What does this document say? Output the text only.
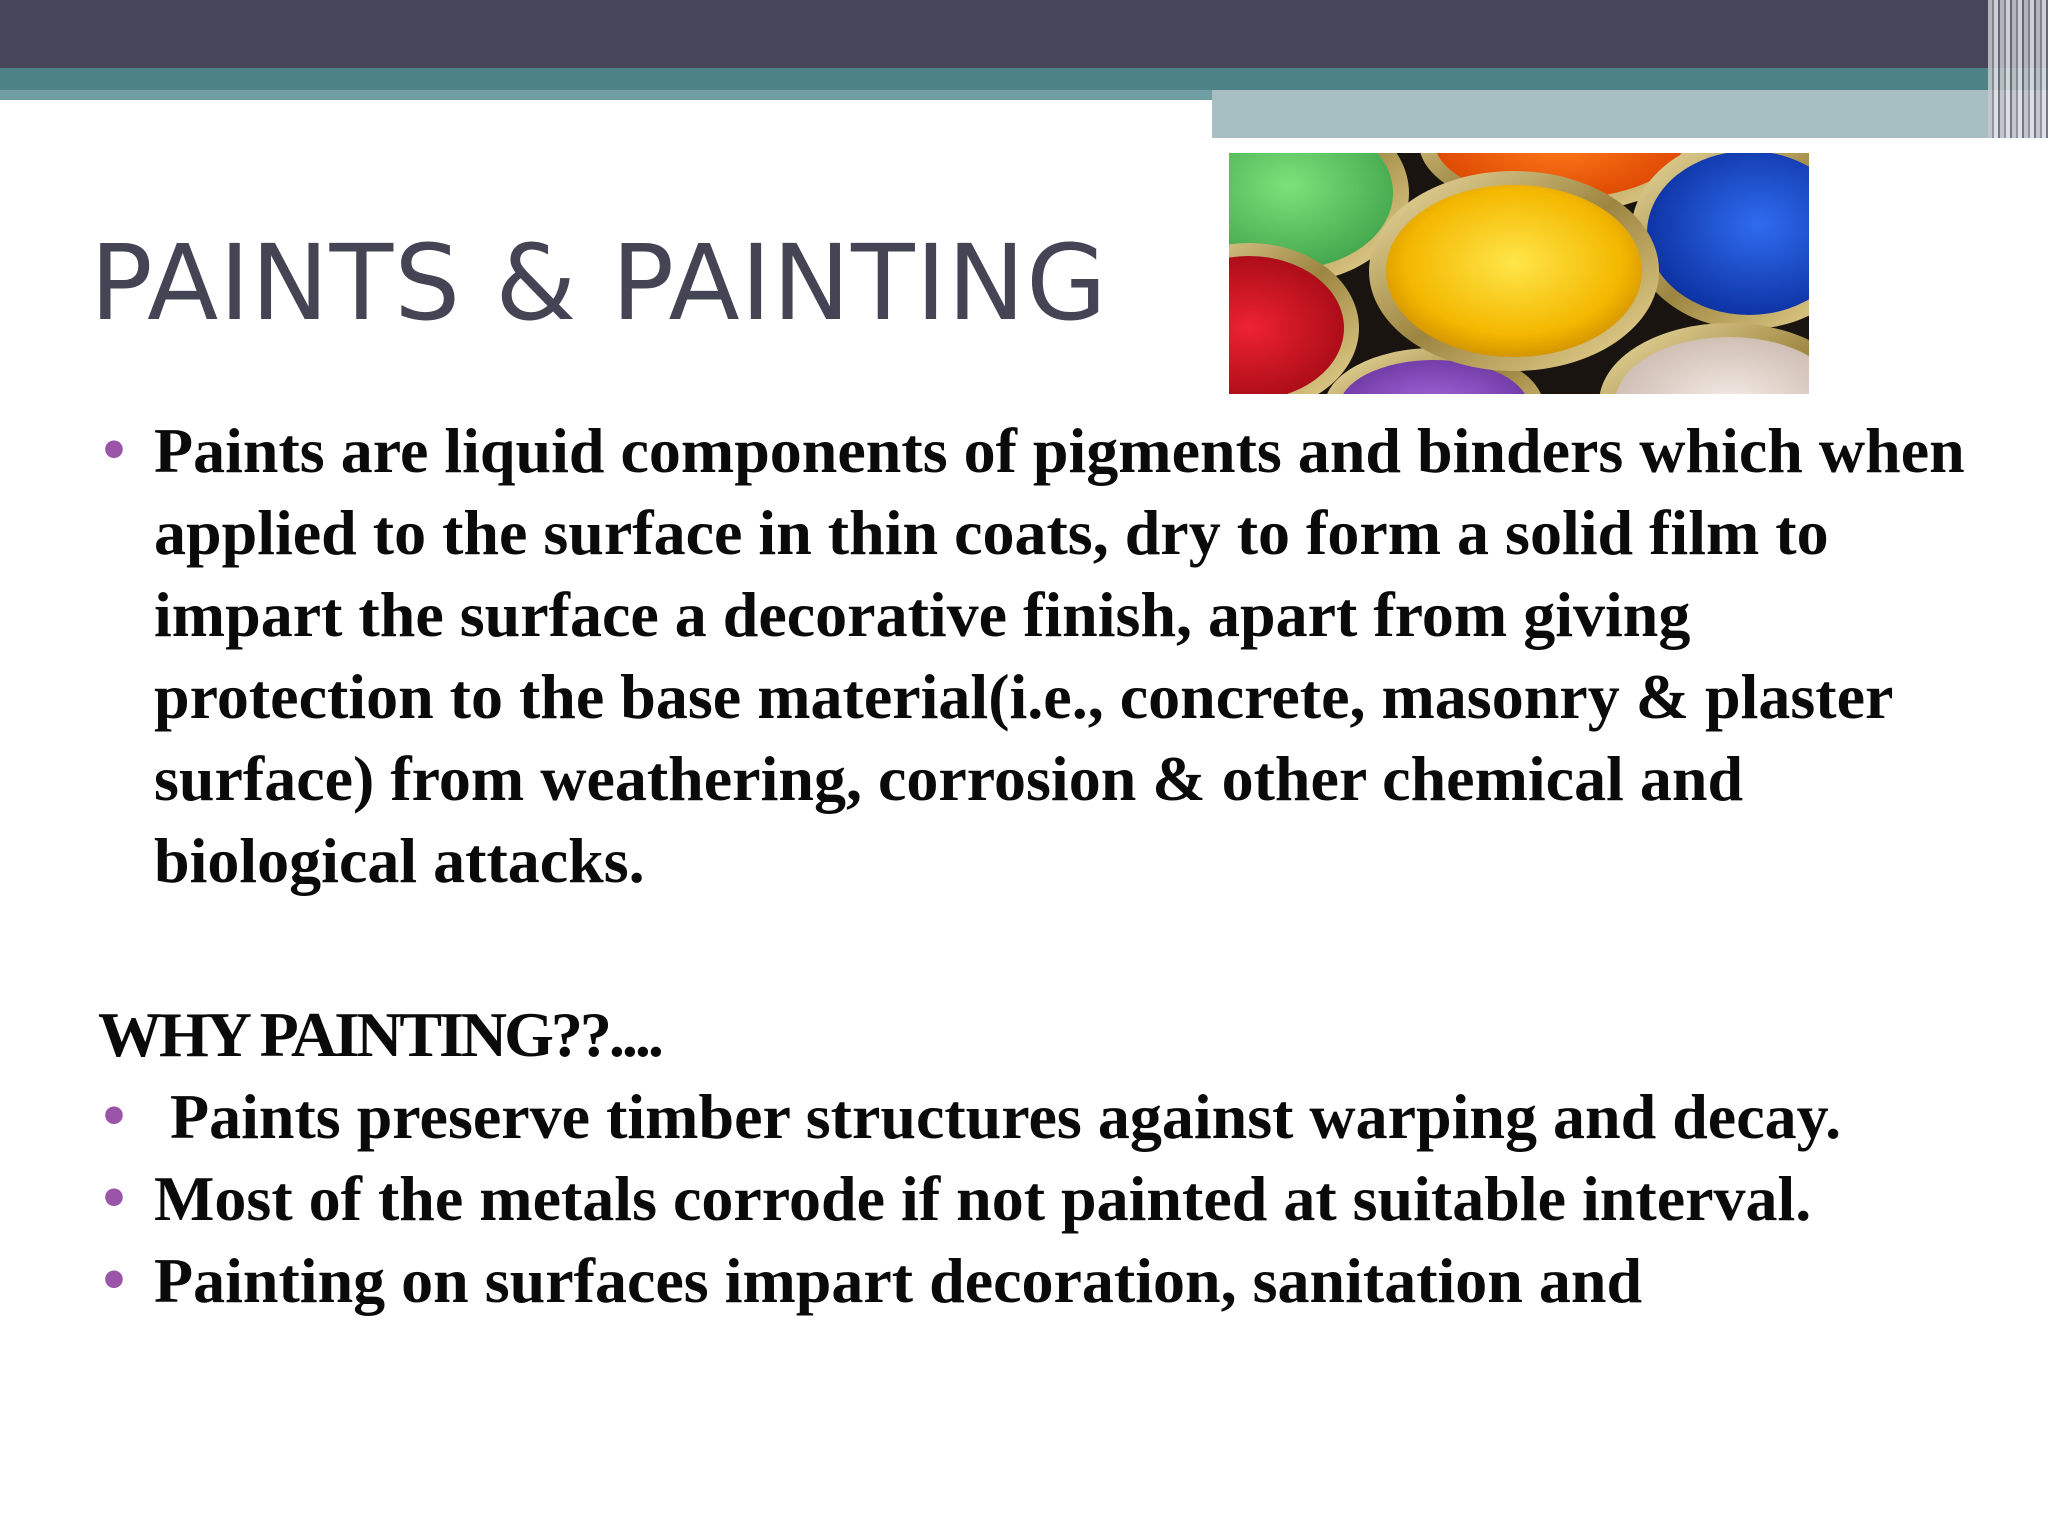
PAINTS & PAINTING

• Paints are liquid components of pigments and binders which when applied to the surface in thin coats, dry to form a solid film to impart the surface a decorative finish, apart from giving protection to the base material(i.e., concrete, masonry & plaster surface) from weathering, corrosion & other chemical and biological attacks.

WHY PAINTING??....

• Paints preserve timber structures against warping and decay.

• Most of the metals corrode if not painted at suitable interval.

• Painting on surfaces impart decoration, sanitation and
